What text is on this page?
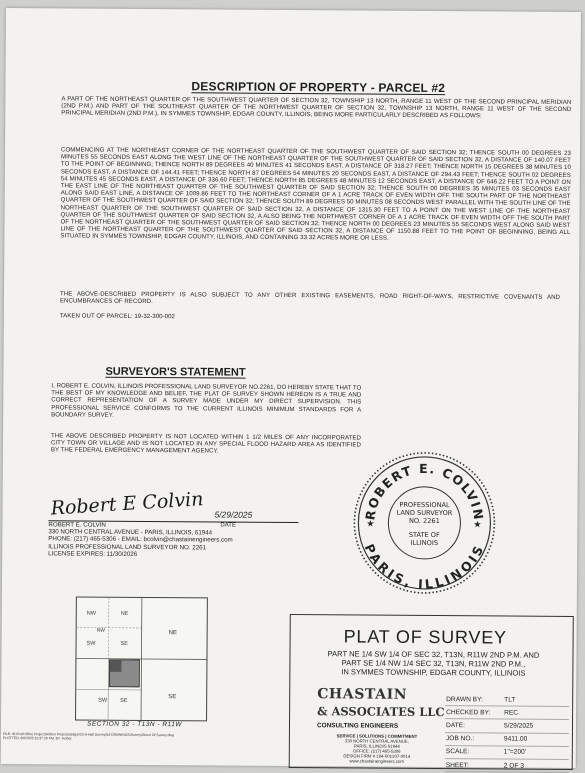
DESCRIPTION OF PROPERTY - PARCEL #2
A PART OF THE NORTHEAST QUARTER OF THE SOUTHWEST QUARTER OF SECTION 32, TOWNSHIP 13 NORTH, RANGE 11 WEST OF THE SECOND PRINCIPAL MERIDIAN (2ND P.M.) AND PART OF THE SOUTHEAST QUARTER OF THE NORTHWEST QUARTER OF SECTION 32, TOWNSHIP 13 NORTH, RANGE 11 WEST OF THE SECOND PRINCIPAL MERIDIAN (2ND P.M.), IN SYMMES TOWNSHIP, EDGAR COUNTY, ILLINOIS, BEING MORE PARTICULARLY DESCRIBED AS FOLLOWS:
COMMENCING AT THE NORTHEAST CORNER OF THE NORTHEAST QUARTER OF THE SOUTHWEST QUARTER OF SAID SECTION 32; THENCE SOUTH 00 DEGREES 23 MINUTES 55 SECONDS EAST ALONG THE WEST LINE OF THE NORTHEAST QUARTER OF THE SOUTHWEST QUARTER OF SAID SECTION 32, A DISTANCE OF 140.07 FEET TO THE POINT OF BEGINNING; THENCE NORTH 89 DEGREES 40 MINUTES 41 SECONDS EAST, A DISTANCE OF 318.27 FEET; THENCE NORTH 15 DEGREES 38 MINUTES 10 SECONDS EAST, A DISTANCE OF 144.41 FEET; THENCE NORTH 87 DEGREES 54 MINUTES 20 SECONDS EAST, A DISTANCE OF 294.43 FEET; THENCE SOUTH 02 DEGREES 54 MINUTES 45 SECONDS EAST, A DISTANCE OF 336.60 FEET; THENCE NORTH 85 DEGREES 48 MINUTES 12 SECONDS EAST, A DISTANCE OF 646.22 FEET TO A POINT ON THE EAST LINE OF THE NORTHEAST QUARTER OF THE SOUTHWEST QUARTER OF SAID SECTION 32; THENCE SOUTH 00 DEGREES 35 MINUTES 03 SECONDS EAST ALONG SAID EAST LINE, A DISTANCE OF 1009.86 FEET TO THE NORTHEAST CORNER OF A 1 ACRE TRACK OF EVEN WIDTH OFF THE SOUTH PART OF THE NORTHEAST QUARTER OF THE SOUTHWEST QUARTER OF SAID SECTION 32; THENCE SOUTH 89 DEGREES 50 MINUTES 08 SECONDS WEST PARALLEL WITH THE SOUTH LINE OF THE NORTHEAST QUARTER OF THE SOUTHWEST QUARTER OF SAID SECTION 32, A DISTANCE OF 1315.30 FEET TO A POINT ON THE WEST LINE OF THE NORTHEAST QUARTER OF THE SOUTHWEST QUARTER OF SAID SECTION 32, A ALSO BEING THE NORTHWEST CORNER OF A 1 ACRE TRACK OF EVEN WIDTH OFF THE SOUTH PART OF THE NORTHEAST QUARTER OF THE SOUTHWEST QUARTER OF SAID SECTION 32; THENCE NORTH 00 DEGREES 23 MINUTES 55 SECONDS WEST ALONG SAID WEST LINE OF THE NORTHEAST QUARTER OF THE SOUTHWEST QUARTER OF SAID SECTION 32, A DISTANCE OF 1150.88 FEET TO THE POINT OF BEGINNING, BEING ALL SITUATED IN SYMMES TOWNSHIP, EDGAR COUNTY, ILLINOIS, AND CONTAINING 33.32 ACRES MORE OR LESS.
THE ABOVE-DESCRIBED PROPERTY IS ALSO SUBJECT TO ANY OTHER EXISTING EASEMENTS, ROAD RIGHT-OF-WAYS, RESTRICTIVE COVENANTS AND ENCUMBRANCES OF RECORD.
TAKEN OUT OF PARCEL: 19-32-300-002
SURVEYOR'S STATEMENT
I, ROBERT E. COLVIN, ILLINOIS PROFESSIONAL LAND SURVEYOR NO.2261, DO HEREBY STATE THAT TO THE BEST OF MY KNOWLEDGE AND BELIEF, THE PLAT OF SURVEY SHOWN HEREON IS A TRUE AND CORRECT REPRESENTATION OF A SURVEY MADE UNDER MY DIRECT SUPERVISION. THIS PROFESSIONAL SERVICE CONFORMS TO THE CURRENT ILLINOIS MINIMUM STANDARDS FOR A BOUNDARY SURVEY.
THE ABOVE DESCRIBED PROPERTY IS NOT LOCATED WITHIN 1 1/2 MILES OF ANY INCORPORATED CITY TOWN OR VILLAGE AND IS NOT LOCATED IN ANY SPECIAL FLOOD HAZARD AREA AS IDENTIFIED BY THE FEDERAL EMERGENCY MANAGEMENT AGENCY.
Robert E Colvin 5/29/2025
DATE
ROBERT E. COLVIN
330 NORTH CENTRAL AVENUE - PARIS, ILLINOIS, 61944
PHONE: (217) 465-5306 - EMAIL: bcolvin@chastainengineers.com
ILLINOIS PROFESSIONAL LAND SURVEYOR NO. 2261
LICENSE EXPIRES: 11/30/2026
ROBERT E. COLVIN
PARIS, ILLINOIS
★	★
PROFESSIONAL
LAND SURVEYOR
NO. 2261
STATE OF
ILLINOIS
NW	NE
NE
SW	SE
NW
SW SE
SE
SECTION 32 - T13N - R11W
FILE: W:\Feld Office Projects\Other Projects\Edgar\25-0-Hall Survey\04-DRAWINGS\Survey\Sheet Of Survey.dwg
PLOTTED: 6/6/2025 10:37:26 PM, BY: Author
PLAT OF SURVEY
PART NE 1/4 SW 1/4 OF SEC 32, T13N, R11W 2ND P.M. AND
PART SE 1/4 NW 1/4 SEC 32, T13N, R11W 2ND P.M.,
IN SYMMES TOWNSHIP, EDGAR COUNTY, ILLINOIS
CHASTAIN
& ASSOCIATES LLC
CONSULTING ENGINEERS
SERVICE | SOLUTIONS | COMMITMENT
330 NORTH CENTRAL AVENUE,
PARIS, ILLINOIS 61944
OFFICE: (217) 465-5306
DESIGN FIRM # 184-001307-0014 www.chastainengineers.com
DRAWN BY:	TLT
CHECKED BY:	REC
DATE:	5/29/2025
JOB NO.:	9411.00
SCALE:	1"=200'
SHEET:	2 OF 3
